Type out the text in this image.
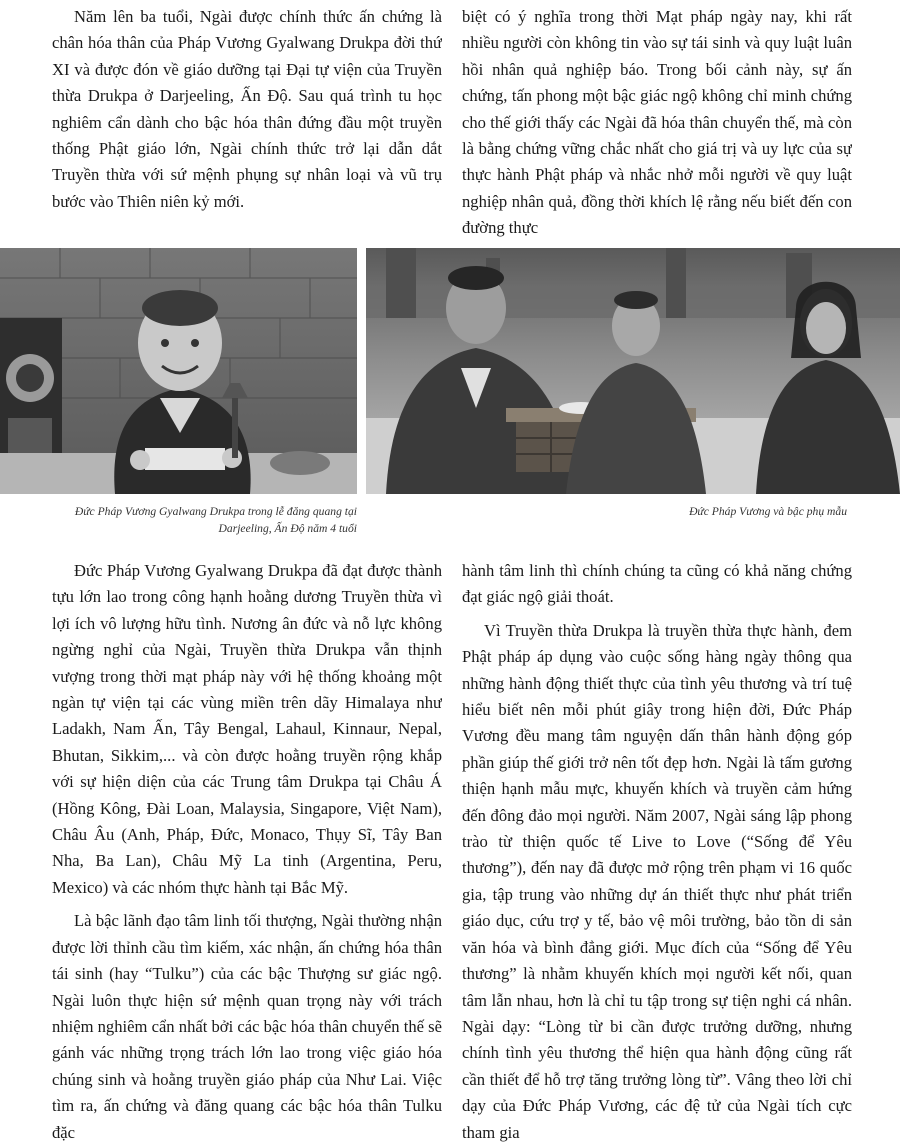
Năm lên ba tuổi, Ngài được chính thức ấn chứng là chân hóa thân của Pháp Vương Gyalwang Drukpa đời thứ XI và được đón về giáo dưỡng tại Đại tự viện của Truyền thừa Drukpa ở Darjeeling, Ấn Độ. Sau quá trình tu học nghiêm cẩn dành cho bậc hóa thân đứng đầu một truyền thống Phật giáo lớn, Ngài chính thức trở lại dẫn dắt Truyền thừa với sứ mệnh phụng sự nhân loại và vũ trụ bước vào Thiên niên kỷ mới.

biệt có ý nghĩa trong thời Mạt pháp ngày nay, khi rất nhiều người còn không tin vào sự tái sinh và quy luật luân hồi nhân quả nghiệp báo. Trong bối cảnh này, sự ấn chứng, tấn phong một bậc giác ngộ không chỉ minh chứng cho thế giới thấy các Ngài đã hóa thân chuyển thế, mà còn là bằng chứng vững chắc nhất cho giá trị và uy lực của sự thực hành Phật pháp và nhắc nhở mỗi người về quy luật nghiệp nhân quả, đồng thời khích lệ rằng nếu biết đến con đường thực

Đức Pháp Vương Gyalwang Drukpa trong lễ đăng quang tại
Darjeeling, Ấn Độ năm 4 tuổi
Đức Pháp Vương và bậc phụ mẫu

Đức Pháp Vương Gyalwang Drukpa đã đạt được thành tựu lớn lao trong công hạnh hoằng dương Truyền thừa vì lợi ích vô lượng hữu tình. Nương ân đức và nỗ lực không ngừng nghỉ của Ngài, Truyền thừa Drukpa vẫn thịnh vượng trong thời mạt pháp này với hệ thống khoảng một ngàn tự viện tại các vùng miền trên dãy Himalaya như Ladakh, Nam Ấn, Tây Bengal, Lahaul, Kinnaur, Nepal, Bhutan, Sikkim,... và còn được hoằng truyền rộng khắp với sự hiện diện của các Trung tâm Drukpa tại Châu Á (Hồng Kông, Đài Loan, Malaysia, Singapore, Việt Nam), Châu Âu (Anh, Pháp, Đức, Monaco, Thụy Sĩ, Tây Ban Nha, Ba Lan), Châu Mỹ La tinh (Argentina, Peru, Mexico) và các nhóm thực hành tại Bắc Mỹ.

Là bậc lãnh đạo tâm linh tối thượng, Ngài thường nhận được lời thỉnh cầu tìm kiếm, xác nhận, ấn chứng hóa thân tái sinh (hay “Tulku”) của các bậc Thượng sư giác ngộ. Ngài luôn thực hiện sứ mệnh quan trọng này với trách nhiệm nghiêm cẩn nhất bởi các bậc hóa thân chuyển thế sẽ gánh vác những trọng trách lớn lao trong việc giáo hóa chúng sinh và hoằng truyền giáo pháp của Như Lai. Việc tìm ra, ấn chứng và đăng quang các bậc hóa thân Tulku đặc

hành tâm linh thì chính chúng ta cũng có khả năng chứng đạt giác ngộ giải thoát.

Vì Truyền thừa Drukpa là truyền thừa thực hành, đem Phật pháp áp dụng vào cuộc sống hàng ngày thông qua những hành động thiết thực của tình yêu thương và trí tuệ hiểu biết nên mỗi phút giây trong hiện đời, Đức Pháp Vương đều mang tâm nguyện dấn thân hành động góp phần giúp thế giới trở nên tốt đẹp hơn. Ngài là tấm gương thiện hạnh mẫu mực, khuyến khích và truyền cảm hứng đến đông đảo mọi người. Năm 2007, Ngài sáng lập phong trào từ thiện quốc tế Live to Love (“Sống để Yêu thương”), đến nay đã được mở rộng trên phạm vi 16 quốc gia, tập trung vào những dự án thiết thực như phát triển giáo dục, cứu trợ y tế, bảo vệ môi trường, bảo tồn di sản văn hóa và bình đẳng giới. Mục đích của “Sống để Yêu thương” là nhằm khuyến khích mọi người kết nối, quan tâm lẫn nhau, hơn là chỉ tu tập trong sự tiện nghi cá nhân. Ngài dạy: “Lòng từ bi cần được trưởng dưỡng, nhưng chính tình yêu thương thể hiện qua hành động cũng rất cần thiết để hỗ trợ tăng trưởng lòng từ”. Vâng theo lời chỉ dạy của Đức Pháp Vương, các đệ tử của Ngài tích cực tham gia
